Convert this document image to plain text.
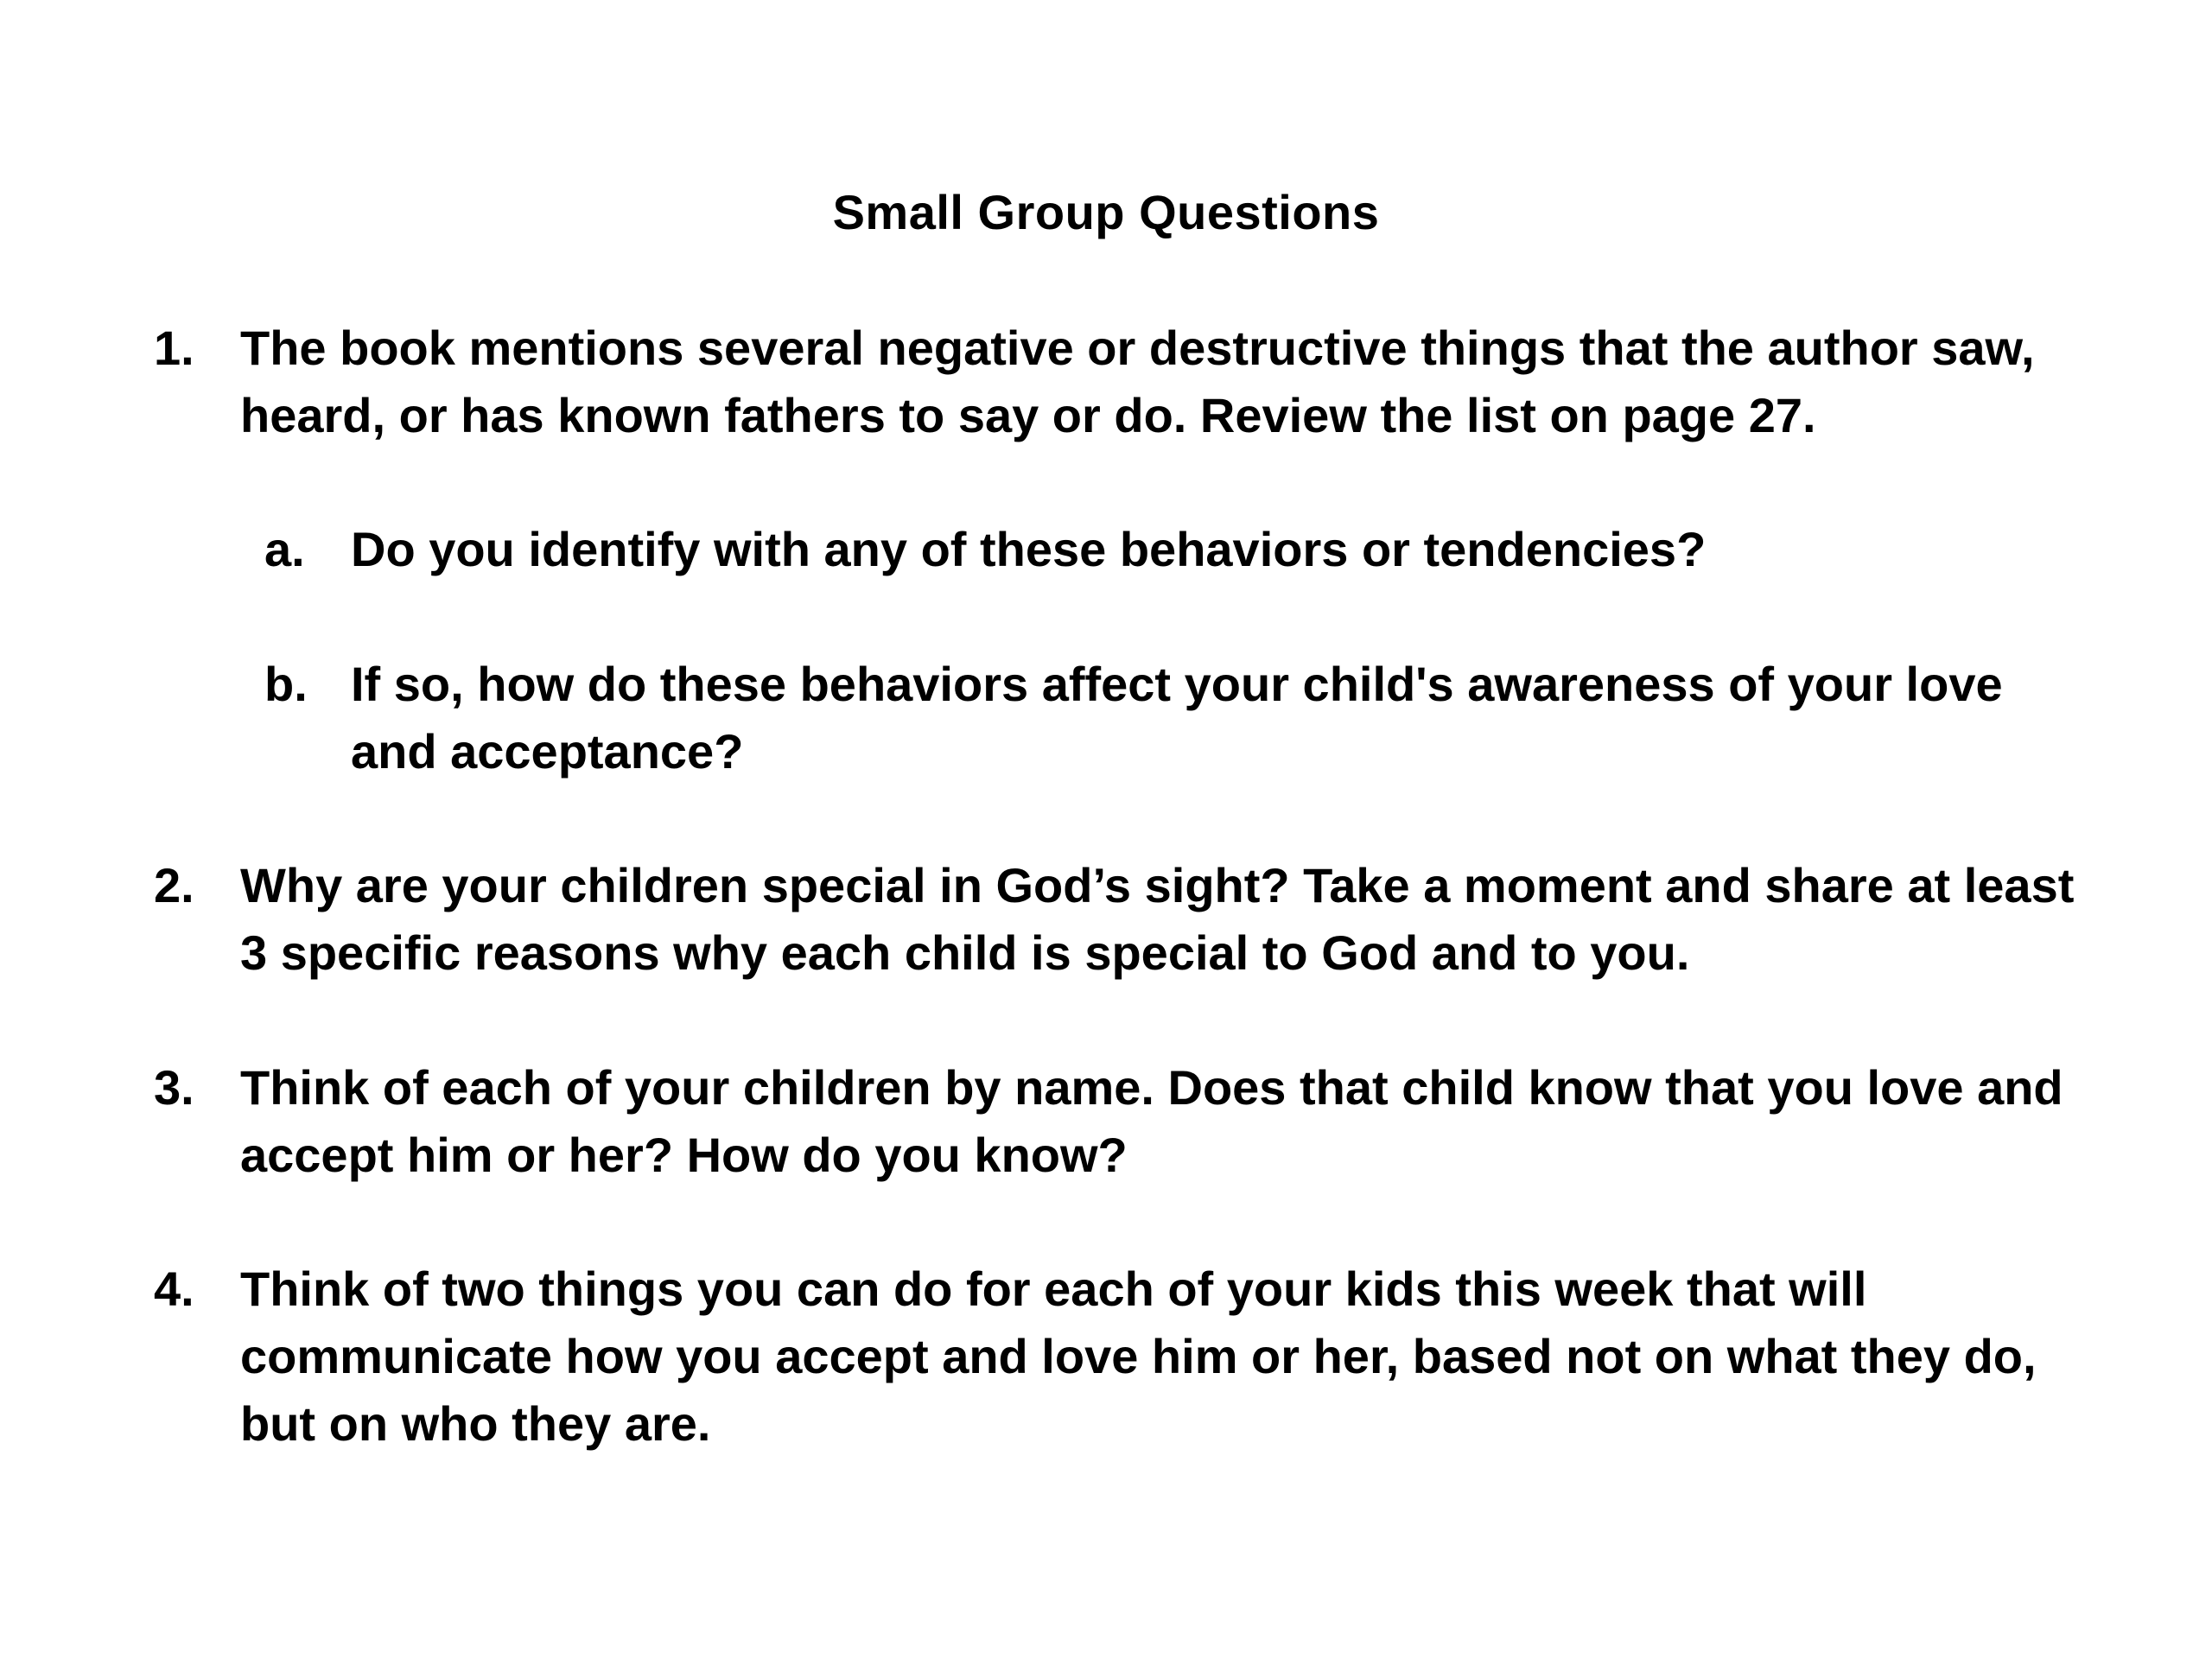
Small Group Questions
1. The book mentions several negative or destructive things that the author saw,
heard, or has known fathers to say or do. Review the list on page 27.
a. Do you identify with any of these behaviors or tendencies?
b. If so, how do these behaviors affect your child's awareness of your love
and acceptance?
2. Why are your children special in God’s sight? Take a moment and share at least
3 specific reasons why each child is special to God and to you.
3. Think of each of your children by name. Does that child know that you love and
accept him or her? How do you know?
4. Think of two things you can do for each of your kids this week that will
communicate how you accept and love him or her, based not on what they do,
but on who they are.
